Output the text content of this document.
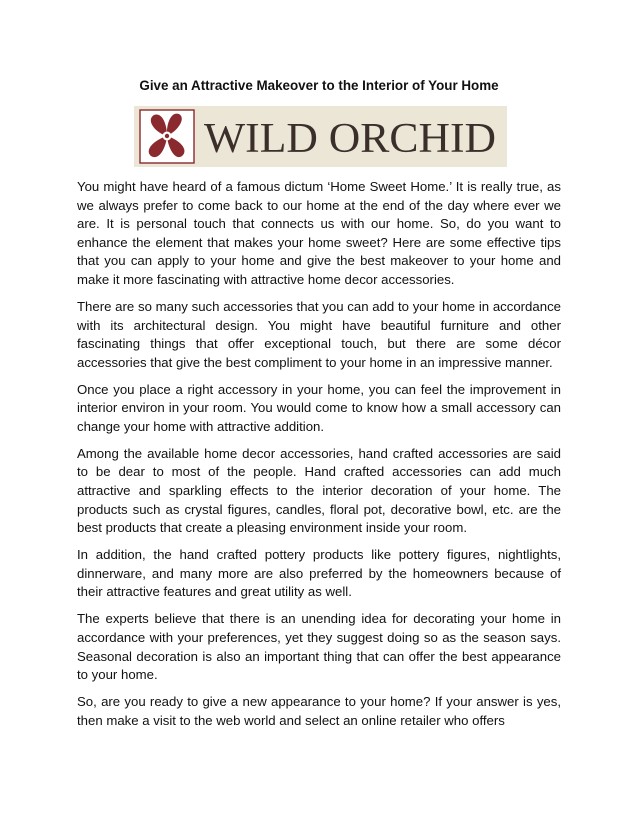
Give an Attractive Makeover to the Interior of Your Home
WILD ORCHID

You might have heard of a famous dictum ‘Home Sweet Home.’ It is really true, as we always prefer to come back to our home at the end of the day where ever we are. It is personal touch that connects us with our home. So, do you want to enhance the element that makes your home sweet? Here are some effective tips that you can apply to your home and give the best makeover to your home and make it more fascinating with attractive home decor accessories.

There are so many such accessories that you can add to your home in accordance with its architectural design. You might have beautiful furniture and other fascinating things that offer exceptional touch, but there are some décor accessories that give the best compliment to your home in an impressive manner.

Once you place a right accessory in your home, you can feel the improvement in interior environ in your room. You would come to know how a small accessory can change your home with attractive addition.

Among the available home decor accessories, hand crafted accessories are said to be dear to most of the people. Hand crafted accessories can add much attractive and sparkling effects to the interior decoration of your home. The products such as crystal figures, candles, floral pot, decorative bowl, etc. are the best products that create a pleasing environment inside your room.

In addition, the hand crafted pottery products like pottery figures, nightlights, dinnerware, and many more are also preferred by the homeowners because of their attractive features and great utility as well.

The experts believe that there is an unending idea for decorating your home in accordance with your preferences, yet they suggest doing so as the season says. Seasonal decoration is also an important thing that can offer the best appearance to your home.

So, are you ready to give a new appearance to your home? If your answer is yes, then make a visit to the web world and select an online retailer who offers
